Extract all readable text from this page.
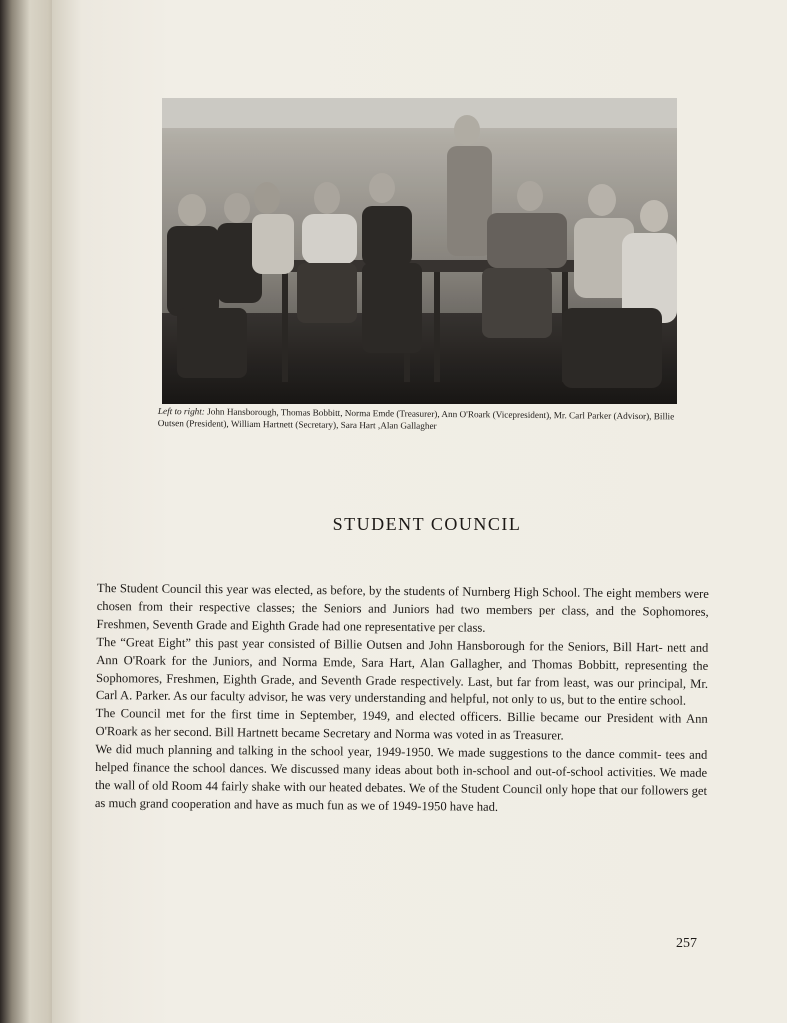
Left to right: John Hansborough, Thomas Bobbitt, Norma Emde (Treasurer), Ann O'Roark (Vicepresident), Mr. Carl Parker (Advisor), Billie Outsen (President), William Hartnett (Secretary), Sara Hart ,Alan Gallagher
STUDENT COUNCIL

The Student Council this year was elected, as before, by the students of Nurnberg High School. The eight members were chosen from their respective classes; the Seniors and Juniors had two members per class, and the Sophomores, Freshmen, Seventh Grade and Eighth Grade had one representative per class.

The “Great Eight” this past year consisted of Billie Outsen and John Hansborough for the Seniors, Bill Hart- nett and Ann O'Roark for the Juniors, and Norma Emde, Sara Hart, Alan Gallagher, and Thomas Bobbitt, representing the Sophomores, Freshmen, Eighth Grade, and Seventh Grade respectively. Last, but far from least, was our principal, Mr. Carl A. Parker. As our faculty advisor, he was very understanding and helpful, not only to us, but to the entire school.

The Council met for the first time in September, 1949, and elected officers. Billie became our President with Ann O'Roark as her second. Bill Hartnett became Secretary and Norma was voted in as Treasurer.

We did much planning and talking in the school year, 1949-1950. We made suggestions to the dance commit- tees and helped finance the school dances. We discussed many ideas about both in-school and out-of-school activities. We made the wall of old Room 44 fairly shake with our heated debates. We of the Student Council only hope that our followers get as much grand cooperation and have as much fun as we of 1949-1950 have had.

257
